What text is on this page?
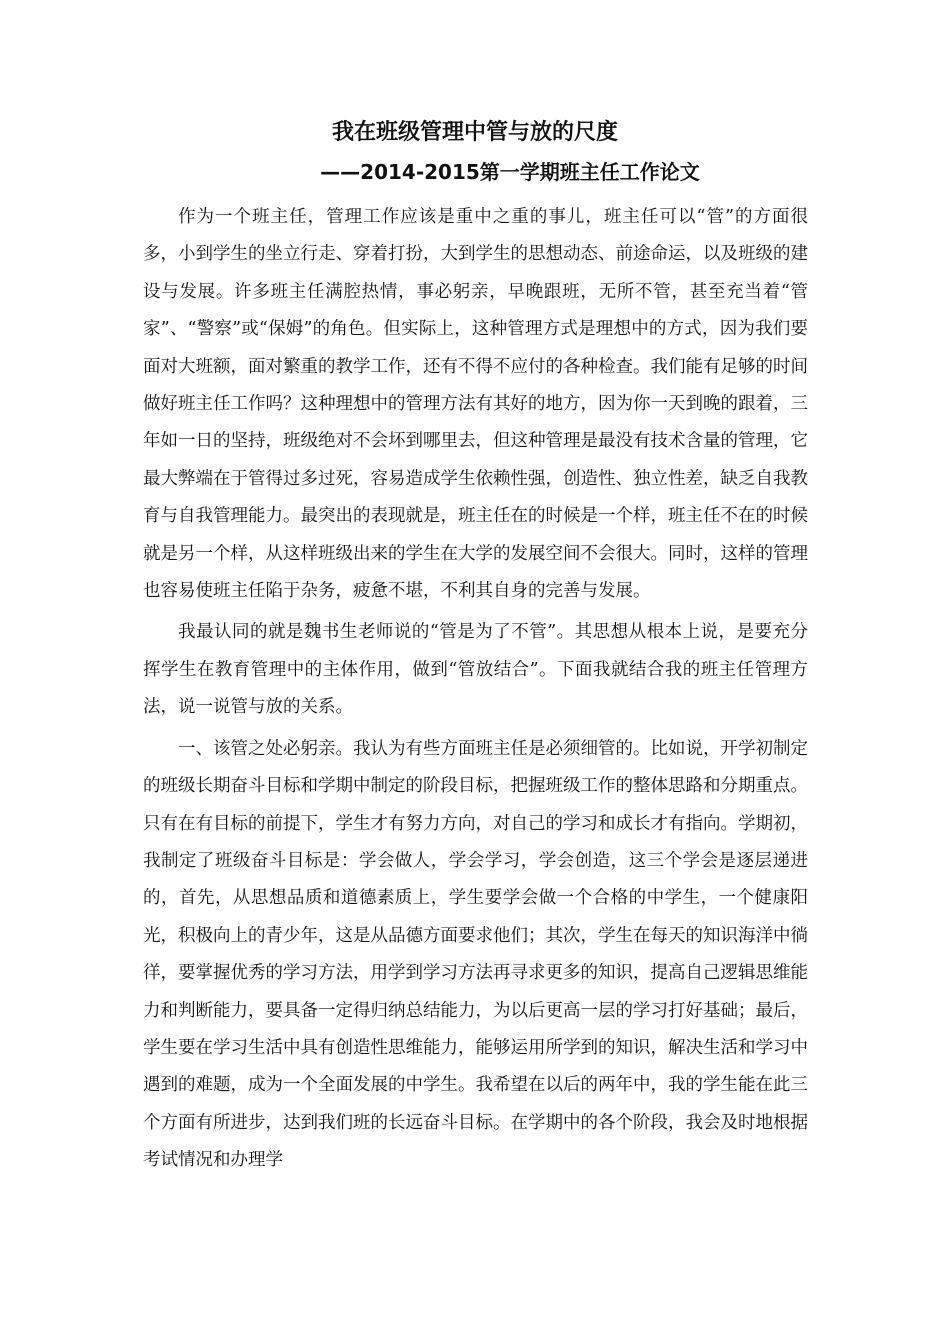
我在班级管理中管与放的尺度
——2014-2015第一学期班主任工作论文

作为一个班主任，管理工作应该是重中之重的事儿，班主任可以“管”的方面很多，小到学生的坐立行走、穿着打扮，大到学生的思想动态、前途命运，以及班级的建设与发展。许多班主任满腔热情，事必躬亲，早晚跟班，无所不管，甚至充当着“管家”、“警察”或“保姆”的角色。但实际上，这种管理方式是理想中的方式，因为我们要面对大班额，面对繁重的教学工作，还有不得不应付的各种检查。我们能有足够的时间做好班主任工作吗？这种理想中的管理方法有其好的地方，因为你一天到晚的跟着，三年如一日的坚持，班级绝对不会坏到哪里去，但这种管理是最没有技术含量的管理，它最大弊端在于管得过多过死，容易造成学生依赖性强，创造性、独立性差，缺乏自我教育与自我管理能力。最突出的表现就是，班主任在的时候是一个样，班主任不在的时候就是另一个样，从这样班级出来的学生在大学的发展空间不会很大。同时，这样的管理也容易使班主任陷于杂务，疲惫不堪，不利其自身的完善与发展。

我最认同的就是魏书生老师说的“管是为了不管”。其思想从根本上说，是要充分挥学生在教育管理中的主体作用，做到“管放结合”。下面我就结合我的班主任管理方法，说一说管与放的关系。

一、该管之处必躬亲。我认为有些方面班主任是必须细管的。比如说，开学初制定的班级长期奋斗目标和学期中制定的阶段目标，把握班级工作的整体思路和分期重点。只有在有目标的前提下，学生才有努力方向，对自己的学习和成长才有指向。学期初，我制定了班级奋斗目标是：学会做人，学会学习，学会创造，这三个学会是逐层递进的，首先，从思想品质和道德素质上，学生要学会做一个合格的中学生，一个健康阳光，积极向上的青少年，这是从品德方面要求他们；其次，学生在每天的知识海洋中徜徉，要掌握优秀的学习方法，用学到学习方法再寻求更多的知识，提高自己逻辑思维能力和判断能力，要具备一定得归纳总结能力，为以后更高一层的学习打好基础；最后，学生要在学习生活中具有创造性思维能力，能够运用所学到的知识，解决生活和学习中遇到的难题，成为一个全面发展的中学生。我希望在以后的两年中，我的学生能在此三个方面有所进步，达到我们班的长远奋斗目标。在学期中的各个阶段，我会及时地根据考试情况和办理学
